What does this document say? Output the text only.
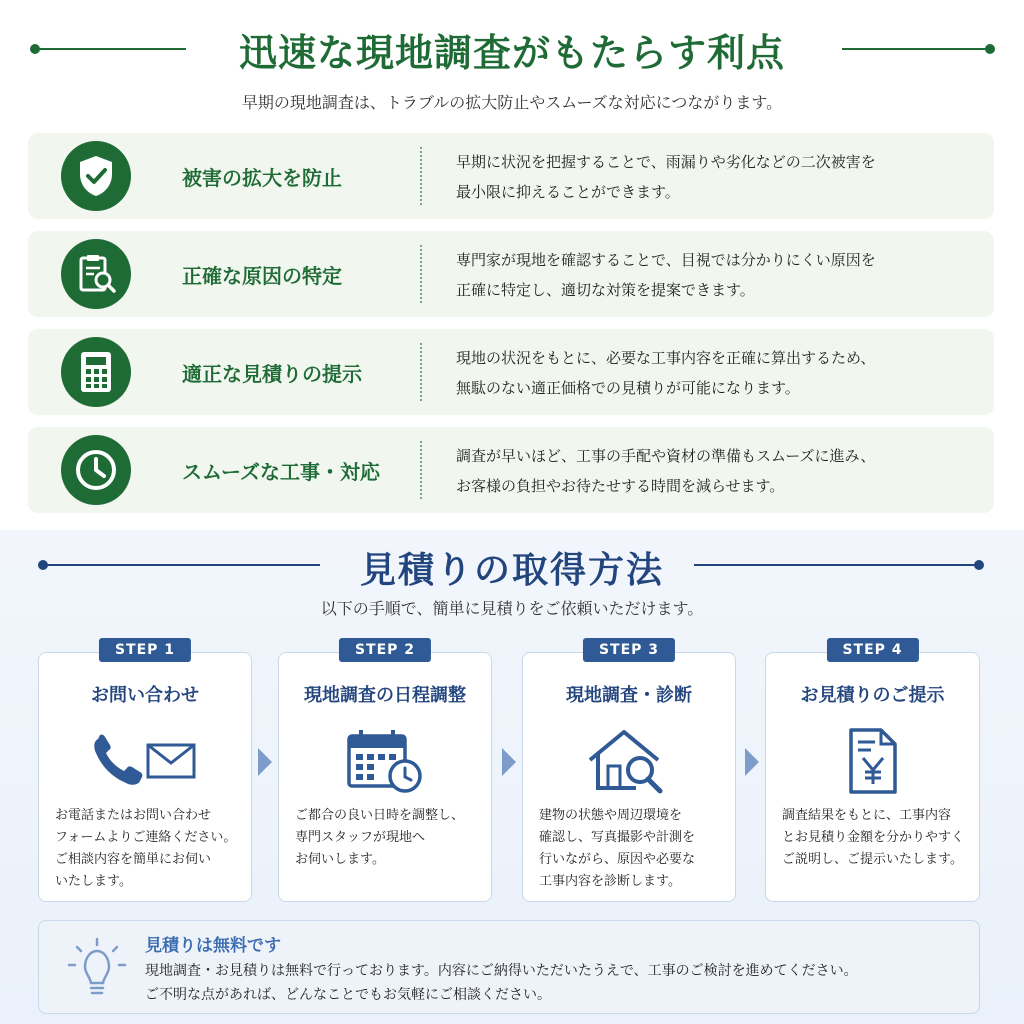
迅速な現地調査がもたらす利点
早期の現地調査は、トラブルの拡大防止やスムーズな対応につながります。
被害の拡大を防止
早期に状況を把握することで、雨漏りや劣化などの二次被害を
最小限に抑えることができます。
正確な原因の特定
専門家が現地を確認することで、目視では分かりにくい原因を
正確に特定し、適切な対策を提案できます。
適正な見積りの提示
現地の状況をもとに、必要な工事内容を正確に算出するため、
無駄のない適正価格での見積りが可能になります。
スムーズな工事・対応
調査が早いほど、工事の手配や資材の準備もスムーズに進み、
お客様の負担やお待たせする時間を減らせます。
見積りの取得方法
以下の手順で、簡単に見積りをご依頼いただけます。
STEP 1
お問い合わせ
お電話またはお問い合わせ
フォームよりご連絡ください。
ご相談内容を簡単にお伺い
いたします。
STEP 2
現地調査の日程調整
ご都合の良い日時を調整し、
専門スタッフが現地へ
お伺いします。
STEP 3
現地調査・診断
建物の状態や周辺環境を
確認し、写真撮影や計測を
行いながら、原因や必要な
工事内容を診断します。
STEP 4
お見積りのご提示
調査結果をもとに、工事内容
とお見積り金額を分かりやすく
ご説明し、ご提示いたします。
見積りは無料です
現地調査・お見積りは無料で行っております。内容にご納得いただいたうえで、工事のご検討を進めてください。
ご不明な点があれば、どんなことでもお気軽にご相談ください。
